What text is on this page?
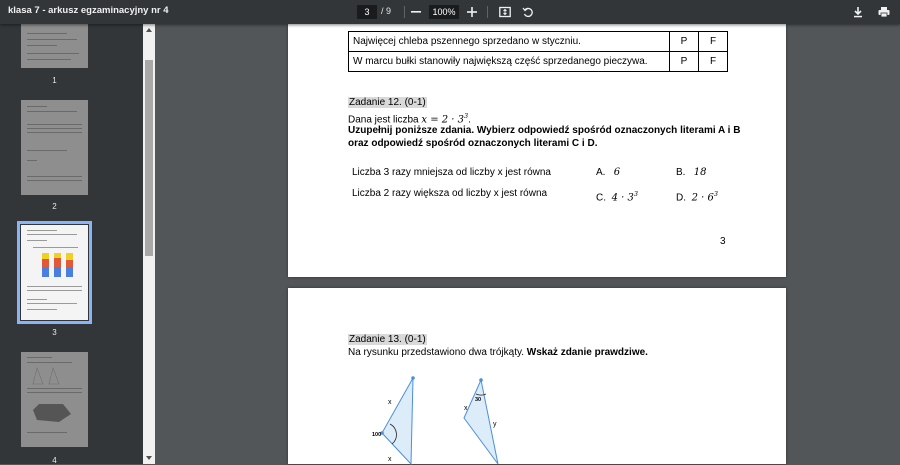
klasa 7 - arkusz egzaminacyjny nr 4	3	/ 9	100%
1
2
3
4
Najwięcej chleba pszennego sprzedano w styczniu.	P	F
W marcu bułki stanowiły największą część sprzedanego pieczywa.	P	F
Zadanie 12. (0-1)
Dana jest liczba $x = 2 \cdot 3^3$.
Uzupełnij poniższe zdania. Wybierz odpowiedź spośród oznaczonych literami A i B
oraz odpowiedź spośród oznaczonych literami C i D.
Liczba 3 razy mniejsza od liczby x jest równa	A. 6	B. 18
Liczba 2 razy większa od liczby x jest równa	C. $4 \cdot 3^3$	D. $2 \cdot 6^3$
3
Zadanie 13. (0-1)
Na rysunku przedstawiono dwa trójkąty. Wskaż zdanie prawdziwe.
x
x
100
30
x
y
